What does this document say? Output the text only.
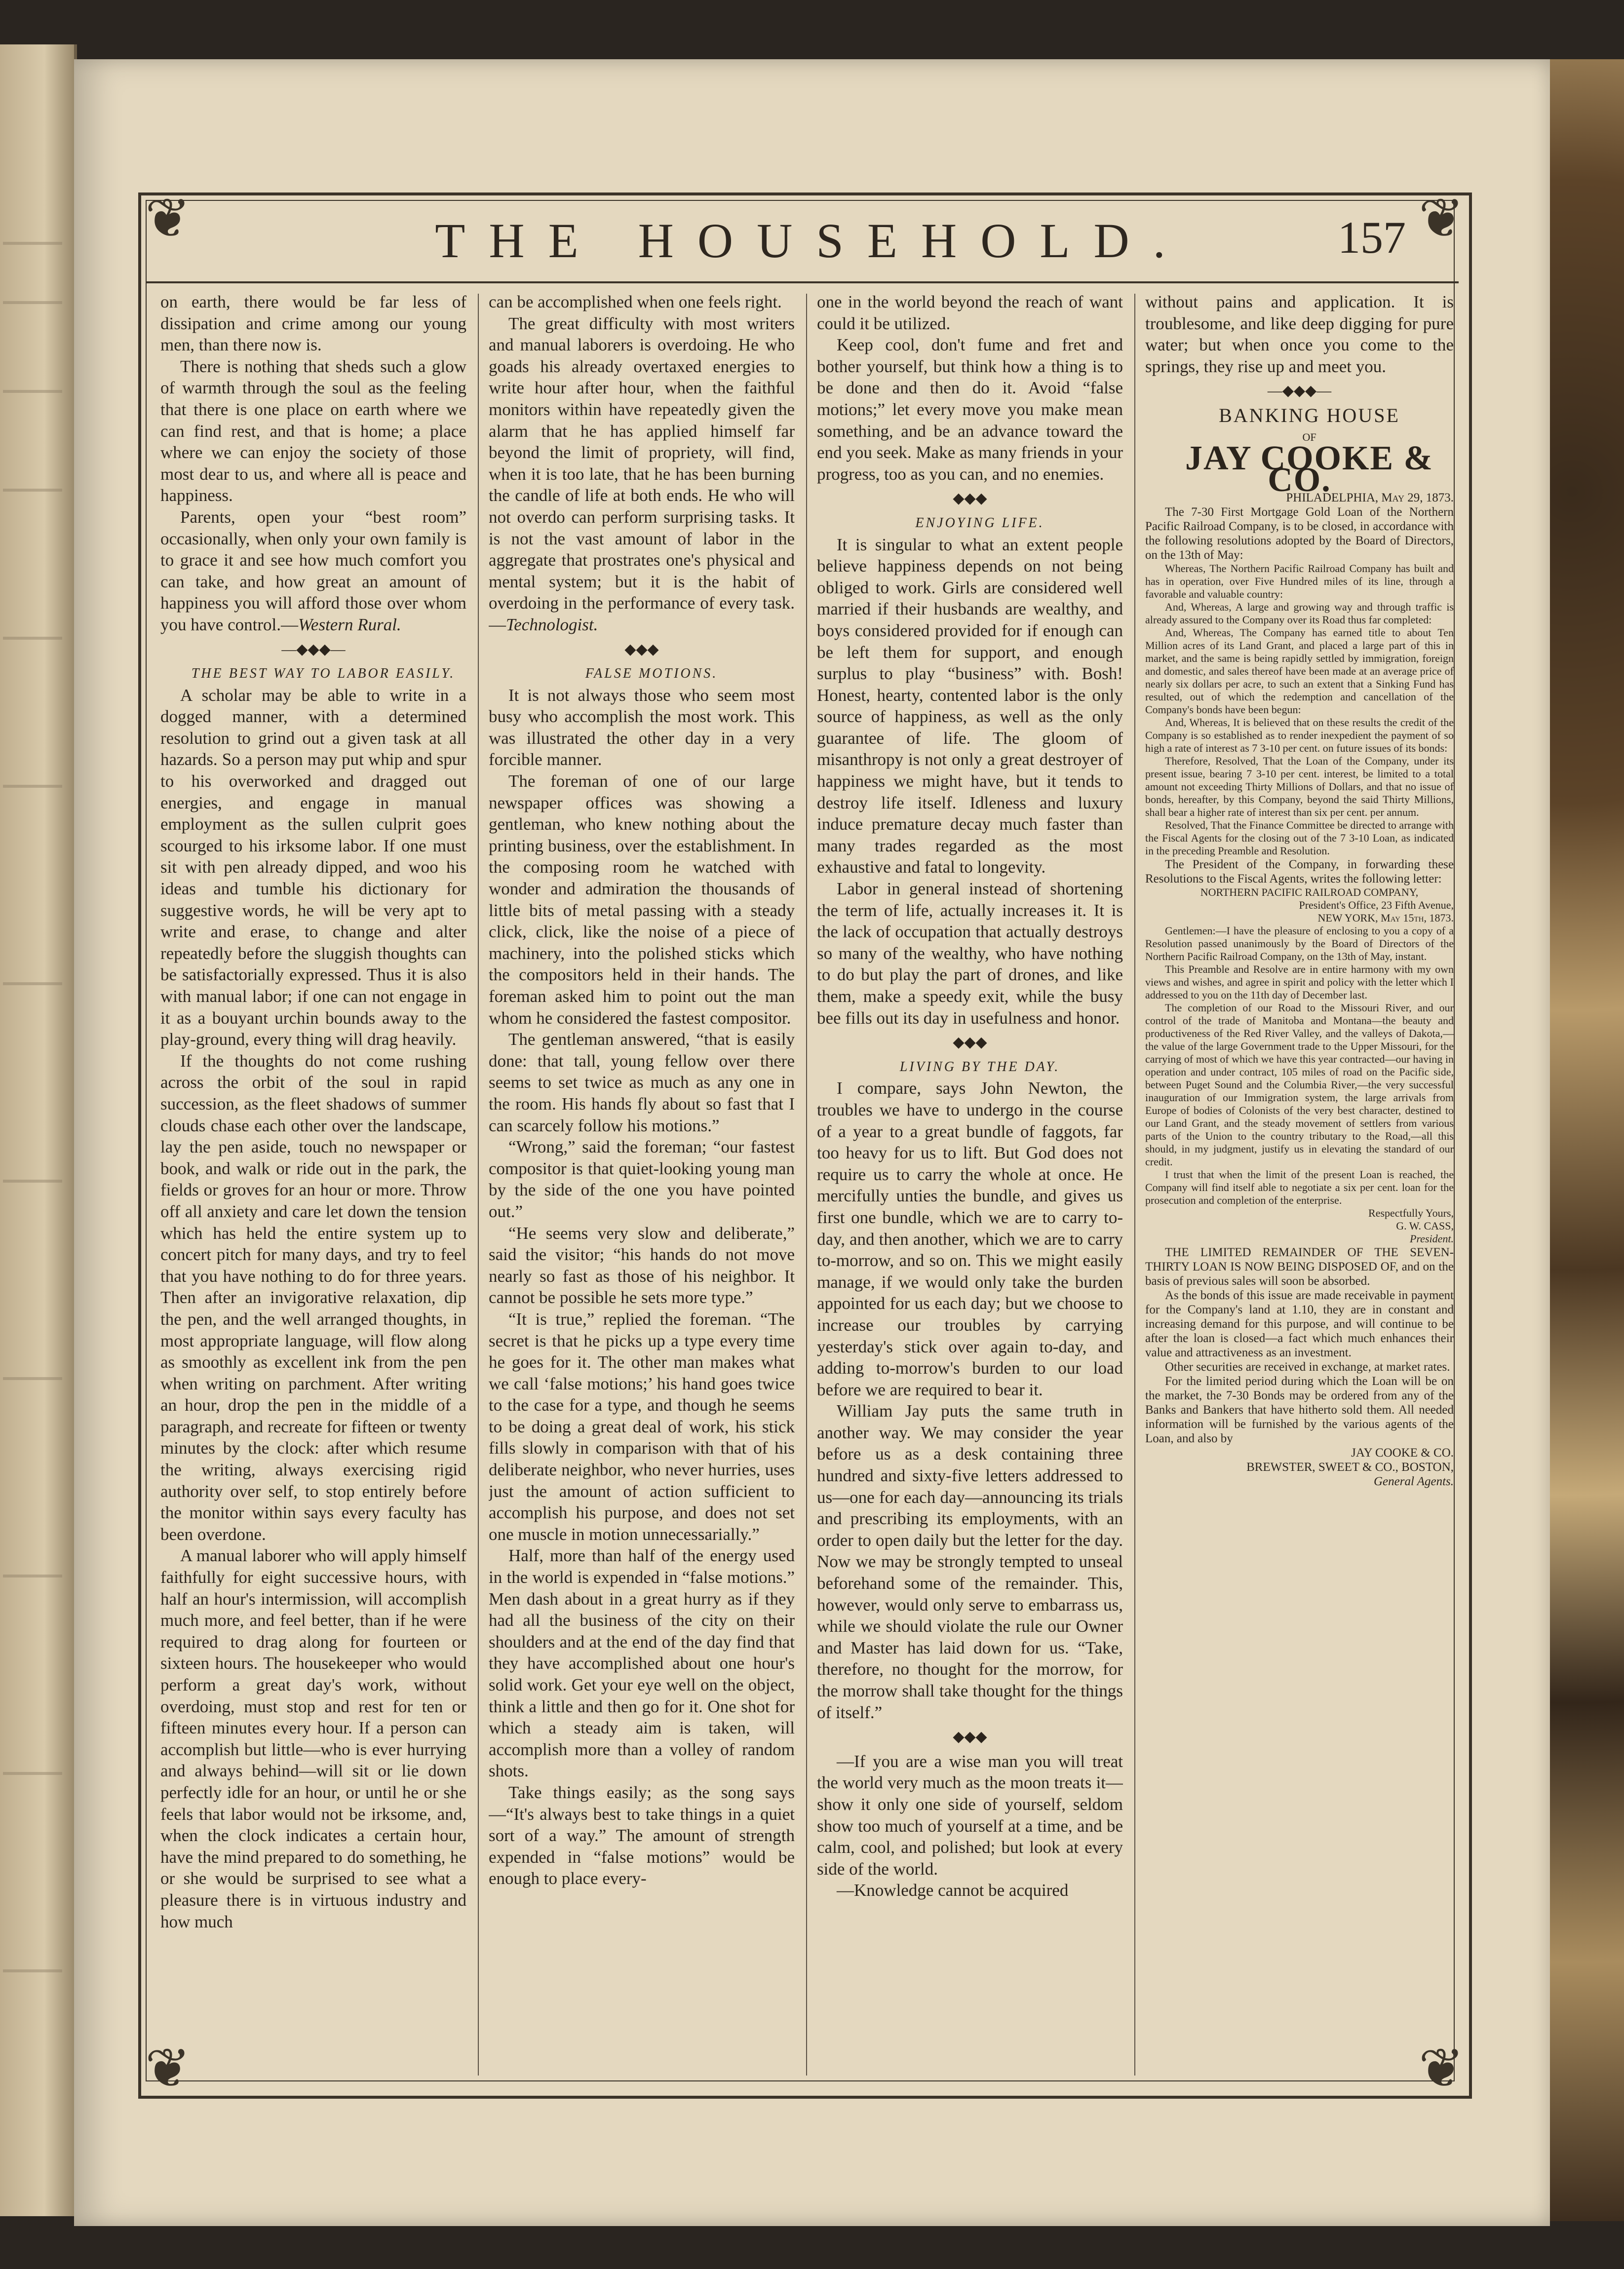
❦	❦
❦	❦
THE HOUSEHOLD.	157

on earth, there would be far less of dissipation and crime among our young men, than there now is.

There is nothing that sheds such a glow of warmth through the soul as the feeling that there is one place on earth where we can find rest, and that is home; a place where we can enjoy the society of those most dear to us, and where all is peace and happiness.

Parents, open your “best room” occasionally, when only your own family is to grace it and see how much comfort you can take, and how great an amount of happiness you will afford those over whom you have control.—Western Rural.

—◆◆◆—

THE BEST WAY TO LABOR EASILY.

A scholar may be able to write in a dogged manner, with a determined resolution to grind out a given task at all hazards. So a person may put whip and spur to his overworked and dragged out energies, and engage in manual employment as the sullen culprit goes scourged to his irksome labor. If one must sit with pen already dipped, and woo his ideas and tumble his dictionary for suggestive words, he will be very apt to write and erase, to change and alter repeatedly before the sluggish thoughts can be satisfactorially expressed. Thus it is also with manual labor; if one can not engage in it as a bouyant urchin bounds away to the play-ground, every thing will drag heavily.

If the thoughts do not come rushing across the orbit of the soul in rapid succession, as the fleet shadows of summer clouds chase each other over the landscape, lay the pen aside, touch no newspaper or book, and walk or ride out in the park, the fields or groves for an hour or more. Throw off all anxiety and care let down the tension which has held the entire system up to concert pitch for many days, and try to feel that you have nothing to do for three years. Then after an invigorative relaxation, dip the pen, and the well arranged thoughts, in most appropriate language, will flow along as smoothly as excellent ink from the pen when writing on parchment. After writing an hour, drop the pen in the middle of a paragraph, and recreate for fifteen or twenty minutes by the clock: after which resume the writing, always exercising rigid authority over self, to stop entirely before the monitor within says every faculty has been overdone.

A manual laborer who will apply himself faithfully for eight successive hours, with half an hour's intermission, will accomplish much more, and feel better, than if he were required to drag along for fourteen or sixteen hours. The housekeeper who would perform a great day's work, without overdoing, must stop and rest for ten or fifteen minutes every hour. If a person can accomplish but little—who is ever hurrying and always behind—will sit or lie down perfectly idle for an hour, or until he or she feels that labor would not be irksome, and, when the clock indicates a certain hour, have the mind prepared to do something, he or she would be surprised to see what a pleasure there is in virtuous industry and how much

can be accomplished when one feels right.

The great difficulty with most writers and manual laborers is overdoing. He who goads his already overtaxed energies to write hour after hour, when the faithful monitors within have repeatedly given the alarm that he has applied himself far beyond the limit of propriety, will find, when it is too late, that he has been burning the candle of life at both ends. He who will not overdo can perform surprising tasks. It is not the vast amount of labor in the aggregate that prostrates one's physical and mental system; but it is the habit of overdoing in the performance of every task.—Technologist.

◆◆◆

FALSE MOTIONS.

It is not always those who seem most busy who accomplish the most work. This was illustrated the other day in a very forcible manner.

The foreman of one of our large newspaper offices was showing a gentleman, who knew nothing about the printing business, over the establishment. In the composing room he watched with wonder and admiration the thousands of little bits of metal passing with a steady click, click, like the noise of a piece of machinery, into the polished sticks which the compositors held in their hands. The foreman asked him to point out the man whom he considered the fastest compositor.

The gentleman answered, “that is easily done: that tall, young fellow over there seems to set twice as much as any one in the room. His hands fly about so fast that I can scarcely follow his motions.”

“Wrong,” said the foreman; “our fastest compositor is that quiet-looking young man by the side of the one you have pointed out.”

“He seems very slow and deliberate,” said the visitor; “his hands do not move nearly so fast as those of his neighbor. It cannot be possible he sets more type.”

“It is true,” replied the foreman. “The secret is that he picks up a type every time he goes for it. The other man makes what we call ‘false motions;’ his hand goes twice to the case for a type, and though he seems to be doing a great deal of work, his stick fills slowly in comparison with that of his deliberate neighbor, who never hurries, uses just the amount of action sufficient to accomplish his purpose, and does not set one muscle in motion unnecessarially.”

Half, more than half of the energy used in the world is expended in “false motions.” Men dash about in a great hurry as if they had all the business of the city on their shoulders and at the end of the day find that they have accomplished about one hour's solid work. Get your eye well on the object, think a little and then go for it. One shot for which a steady aim is taken, will accomplish more than a volley of random shots.

Take things easily; as the song says—“It's always best to take things in a quiet sort of a way.” The amount of strength expended in “false motions” would be enough to place every-

one in the world beyond the reach of want could it be utilized.

Keep cool, don't fume and fret and bother yourself, but think how a thing is to be done and then do it. Avoid “false motions;” let every move you make mean something, and be an advance toward the end you seek. Make as many friends in your progress, too as you can, and no enemies.

◆◆◆

ENJOYING LIFE.

It is singular to what an extent people believe happiness depends on not being obliged to work. Girls are considered well married if their husbands are wealthy, and boys considered provided for if enough can be left them for support, and enough surplus to play “business” with. Bosh! Honest, hearty, contented labor is the only source of happiness, as well as the only guarantee of life. The gloom of misanthropy is not only a great destroyer of happiness we might have, but it tends to destroy life itself. Idleness and luxury induce premature decay much faster than many trades regarded as the most exhaustive and fatal to longevity.

Labor in general instead of shortening the term of life, actually increases it. It is the lack of occupation that actually destroys so many of the wealthy, who have nothing to do but play the part of drones, and like them, make a speedy exit, while the busy bee fills out its day in usefulness and honor.

◆◆◆

LIVING BY THE DAY.

I compare, says John Newton, the troubles we have to undergo in the course of a year to a great bundle of faggots, far too heavy for us to lift. But God does not require us to carry the whole at once. He mercifully unties the bundle, and gives us first one bundle, which we are to carry to-day, and then another, which we are to carry to-morrow, and so on. This we might easily manage, if we would only take the burden appointed for us each day; but we choose to increase our troubles by carrying yesterday's stick over again to-day, and adding to-morrow's burden to our load before we are required to bear it.

William Jay puts the same truth in another way. We may consider the year before us as a desk containing three hundred and sixty-five letters addressed to us—one for each day—announcing its trials and prescribing its employments, with an order to open daily but the letter for the day. Now we may be strongly tempted to unseal beforehand some of the remainder. This, however, would only serve to embarrass us, while we should violate the rule our Owner and Master has laid down for us. “Take, therefore, no thought for the morrow, for the morrow shall take thought for the things of itself.”

◆◆◆

—If you are a wise man you will treat the world very much as the moon treats it—show it only one side of yourself, seldom show too much of yourself at a time, and be calm, cool, and polished; but look at every side of the world.

—Knowledge cannot be acquired

without pains and application. It is troublesome, and like deep digging for pure water; but when once you come to the springs, they rise up and meet you.

—◆◆◆—

BANKING HOUSE

OF

JAY COOKE & CO.

PHILADELPHIA, May 29, 1873.

The 7-30 First Mortgage Gold Loan of the Northern Pacific Railroad Company, is to be closed, in accordance with the following resolutions adopted by the Board of Directors, on the 13th of May:

Whereas, The Northern Pacific Railroad Company has built and has in operation, over Five Hundred miles of its line, through a favorable and valuable country:

And, Whereas, A large and growing way and through traffic is already assured to the Company over its Road thus far completed:

And, Whereas, The Company has earned title to about Ten Million acres of its Land Grant, and placed a large part of this in market, and the same is being rapidly settled by immigration, foreign and domestic, and sales thereof have been made at an average price of nearly six dollars per acre, to such an extent that a Sinking Fund has resulted, out of which the redemption and cancellation of the Company's bonds have been begun:

And, Whereas, It is believed that on these results the credit of the Company is so established as to render inexpedient the payment of so high a rate of interest as 7 3-10 per cent. on future issues of its bonds:

Therefore, Resolved, That the Loan of the Company, under its present issue, bearing 7 3-10 per cent. interest, be limited to a total amount not exceeding Thirty Millions of Dollars, and that no issue of bonds, hereafter, by this Company, beyond the said Thirty Millions, shall bear a higher rate of interest than six per cent. per annum.

Resolved, That the Finance Committee be directed to arrange with the Fiscal Agents for the closing out of the 7 3-10 Loan, as indicated in the preceding Preamble and Resolution.

The President of the Company, in forwarding these Resolutions to the Fiscal Agents, writes the following letter:

NORTHERN PACIFIC RAILROAD COMPANY,

President's Office, 23 Fifth Avenue,

NEW YORK, May 15th, 1873.

Gentlemen:—I have the pleasure of enclosing to you a copy of a Resolution passed unanimously by the Board of Directors of the Northern Pacific Railroad Company, on the 13th of May, instant.

This Preamble and Resolve are in entire harmony with my own views and wishes, and agree in spirit and policy with the letter which I addressed to you on the 11th day of December last.

The completion of our Road to the Missouri River, and our control of the trade of Manitoba and Montana—the beauty and productiveness of the Red River Valley, and the valleys of Dakota,—the value of the large Government trade to the Upper Missouri, for the carrying of most of which we have this year contracted—our having in operation and under contract, 105 miles of road on the Pacific side, between Puget Sound and the Columbia River,—the very successful inauguration of our Immigration system, the large arrivals from Europe of bodies of Colonists of the very best character, destined to our Land Grant, and the steady movement of settlers from various parts of the Union to the country tributary to the Road,—all this should, in my judgment, justify us in elevating the standard of our credit.

I trust that when the limit of the present Loan is reached, the Company will find itself able to negotiate a six per cent. loan for the prosecution and completion of the enterprise.

Respectfully Yours,

G. W. CASS,

President.

THE LIMITED REMAINDER OF THE SEVEN-THIRTY LOAN IS NOW BEING DISPOSED OF, and on the basis of previous sales will soon be absorbed.

As the bonds of this issue are made receivable in payment for the Company's land at 1.10, they are in constant and increasing demand for this purpose, and will continue to be after the loan is closed—a fact which much enhances their value and attractiveness as an investment.

Other securities are received in exchange, at market rates.

For the limited period during which the Loan will be on the market, the 7-30 Bonds may be ordered from any of the Banks and Bankers that have hitherto sold them. All needed information will be furnished by the various agents of the Loan, and also by

JAY COOKE & CO.

BREWSTER, SWEET & CO., BOSTON,

General Agents.
